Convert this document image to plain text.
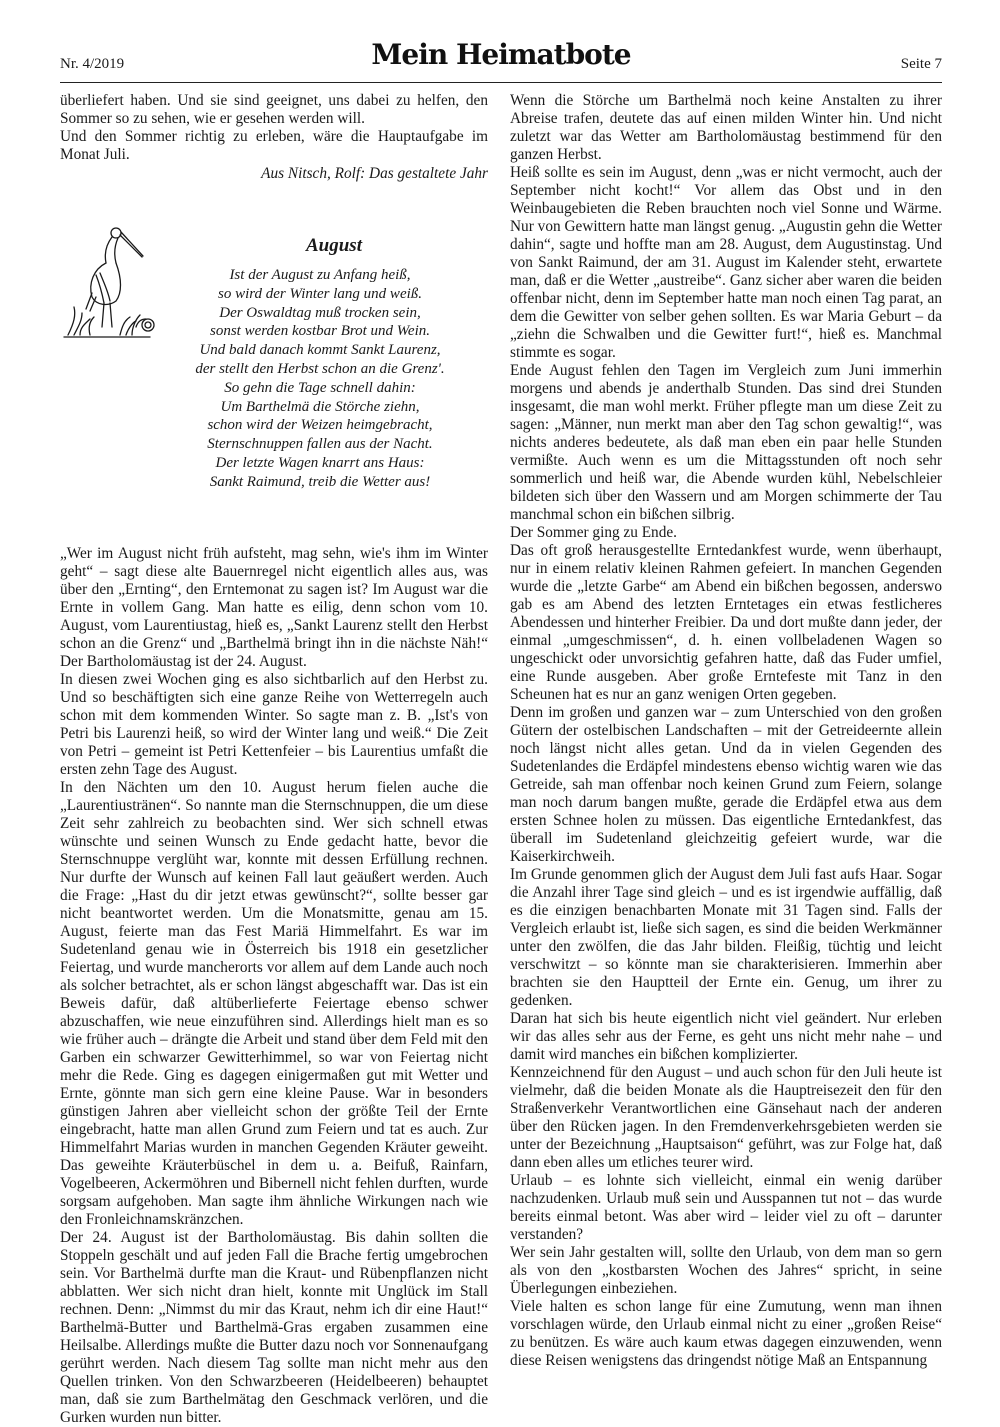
Nr. 4/2019	Mein Heimatbote	Seite 7

überliefert haben. Und sie sind geeignet, uns dabei zu helfen, den Sommer so zu sehen, wie er gesehen werden will.

Und den Sommer richtig zu erleben, wäre die Hauptaufgabe im Monat Juli.

Aus Nitsch, Rolf: Das gestaltete Jahr

August
Ist der August zu Anfang heiß,
so wird der Winter lang und weiß.
Der Oswaldtag muß trocken sein,
sonst werden kostbar Brot und Wein.
Und bald danach kommt Sankt Laurenz,
der stellt den Herbst schon an die Grenz'.
So gehn die Tage schnell dahin:
Um Barthelmä die Störche ziehn,
schon wird der Weizen heimgebracht,
Sternschnuppen fallen aus der Nacht.
Der letzte Wagen knarrt ans Haus:
Sankt Raimund, treib die Wetter aus!

„Wer im August nicht früh aufsteht, mag sehn, wie's ihm im Winter geht“ – sagt diese alte Bauernregel nicht eigentlich alles aus, was über den „Ernting“, den Erntemonat zu sagen ist? Im August war die Ernte in vollem Gang. Man hatte es eilig, denn schon vom 10. August, vom Laurentiustag, hieß es, „Sankt Laurenz stellt den Herbst schon an die Grenz“ und „Barthelmä bringt ihn in die nächste Näh!“ Der Bartholomäustag ist der 24. August.

In diesen zwei Wochen ging es also sichtbarlich auf den Herbst zu. Und so beschäftigten sich eine ganze Reihe von Wetterregeln auch schon mit dem kommenden Winter. So sagte man z. B. „Ist's von Petri bis Laurenzi heiß, so wird der Winter lang und weiß.“ Die Zeit von Petri – gemeint ist Petri Kettenfeier – bis Laurentius umfaßt die ersten zehn Tage des August.

In den Nächten um den 10. August herum fielen auche die „Laurentiustränen“. So nannte man die Sternschnuppen, die um diese Zeit sehr zahlreich zu beobachten sind. Wer sich schnell etwas wünschte und seinen Wunsch zu Ende gedacht hatte, bevor die Sternschnuppe verglüht war, konnte mit dessen Erfüllung rechnen. Nur durfte der Wunsch auf keinen Fall laut geäußert werden. Auch die Frage: „Hast du dir jetzt etwas gewünscht?“, sollte besser gar nicht beantwortet werden. Um die Monatsmitte, genau am 15. August, feierte man das Fest Mariä Himmelfahrt. Es war im Sudetenland genau wie in Österreich bis 1918 ein gesetzlicher Feiertag, und wurde mancherorts vor allem auf dem Lande auch noch als solcher betrachtet, als er schon längst abgeschafft war. Das ist ein Beweis dafür, daß altüberlieferte Feiertage ebenso schwer abzuschaffen, wie neue einzuführen sind. Allerdings hielt man es so wie früher auch – drängte die Arbeit und stand über dem Feld mit den Garben ein schwarzer Gewitterhimmel, so war von Feiertag nicht mehr die Rede. Ging es dagegen einigermaßen gut mit Wetter und Ernte, gönnte man sich gern eine kleine Pause. War in besonders günstigen Jahren aber vielleicht schon der größte Teil der Ernte eingebracht, hatte man allen Grund zum Feiern und tat es auch. Zur Himmelfahrt Marias wurden in manchen Gegenden Kräuter geweiht. Das geweihte Kräuterbüschel in dem u. a. Beifuß, Rainfarn, Vogelbeeren, Ackermöhren und Bibernell nicht fehlen durften, wurde sorgsam aufgehoben. Man sagte ihm ähnliche Wirkungen nach wie den Fronleichnamskränzchen.

Der 24. August ist der Bartholomäustag. Bis dahin sollten die Stoppeln geschält und auf jeden Fall die Brache fertig umgebrochen sein. Vor Barthelmä durfte man die Kraut- und Rübenpflanzen nicht abblatten. Wer sich nicht dran hielt, konnte mit Unglück im Stall rechnen. Denn: „Nimmst du mir das Kraut, nehm ich dir eine Haut!“ Barthelmä-Butter und Barthelmä-Gras ergaben zusammen eine Heilsalbe. Allerdings mußte die Butter dazu noch vor Sonnenaufgang gerührt werden. Nach diesem Tag sollte man nicht mehr aus den Quellen trinken. Von den Schwarzbeeren (Heidelbeeren) behauptet man, daß sie zum Barthelmätag den Geschmack verlören, und die Gurken wurden nun bitter.

Wenn die Störche um Barthelmä noch keine Anstalten zu ihrer Abreise trafen, deutete das auf einen milden Winter hin. Und nicht zuletzt war das Wetter am Bartholomäustag bestimmend für den ganzen Herbst.

Heiß sollte es sein im August, denn „was er nicht vermocht, auch der September nicht kocht!“ Vor allem das Obst und in den Weinbaugebieten die Reben brauchten noch viel Sonne und Wärme. Nur von Gewittern hatte man längst genug. „Augustin gehn die Wetter dahin“, sagte und hoffte man am 28. August, dem Augustinstag. Und von Sankt Raimund, der am 31. August im Kalender steht, erwartete man, daß er die Wetter „austreibe“. Ganz sicher aber waren die beiden offenbar nicht, denn im September hatte man noch einen Tag parat, an dem die Gewitter von selber gehen sollten. Es war Maria Geburt – da „ziehn die Schwalben und die Gewitter furt!“, hieß es. Manchmal stimmte es sogar.

Ende August fehlen den Tagen im Vergleich zum Juni immerhin morgens und abends je anderthalb Stunden. Das sind drei Stunden insgesamt, die man wohl merkt. Früher pflegte man um diese Zeit zu sagen: „Männer, nun merkt man aber den Tag schon gewaltig!“, was nichts anderes bedeutete, als daß man eben ein paar helle Stunden vermißte. Auch wenn es um die Mittagsstunden oft noch sehr sommerlich und heiß war, die Abende wurden kühl, Nebelschleier bildeten sich über den Wassern und am Morgen schimmerte der Tau manchmal schon ein bißchen silbrig.

Der Sommer ging zu Ende.

Das oft groß herausgestellte Erntedankfest wurde, wenn überhaupt, nur in einem relativ kleinen Rahmen gefeiert. In manchen Gegenden wurde die „letzte Garbe“ am Abend ein bißchen begossen, anderswo gab es am Abend des letzten Erntetages ein etwas festlicheres Abendessen und hinterher Freibier. Da und dort mußte dann jeder, der einmal „umgeschmissen“, d. h. einen vollbeladenen Wagen so ungeschickt oder unvorsichtig gefahren hatte, daß das Fuder umfiel, eine Runde ausgeben. Aber große Erntefeste mit Tanz in den Scheunen hat es nur an ganz wenigen Orten gegeben.

Denn im großen und ganzen war – zum Unterschied von den großen Gütern der ostelbischen Landschaften – mit der Getreideernte allein noch längst nicht alles getan. Und da in vielen Gegenden des Sudetenlandes die Erdäpfel mindestens ebenso wichtig waren wie das Getreide, sah man offenbar noch keinen Grund zum Feiern, solange man noch darum bangen mußte, gerade die Erdäpfel etwa aus dem ersten Schnee holen zu müssen. Das eigentliche Erntedankfest, das überall im Sudetenland gleichzeitig gefeiert wurde, war die Kaiserkirchweih.

Im Grunde genommen glich der August dem Juli fast aufs Haar. Sogar die Anzahl ihrer Tage sind gleich – und es ist irgendwie auffällig, daß es die einzigen benachbarten Monate mit 31 Tagen sind. Falls der Vergleich erlaubt ist, ließe sich sagen, es sind die beiden Werkmänner unter den zwölfen, die das Jahr bilden. Fleißig, tüchtig und leicht verschwitzt – so könnte man sie charakterisieren. Immerhin aber brachten sie den Hauptteil der Ernte ein. Genug, um ihrer zu gedenken.

Daran hat sich bis heute eigentlich nicht viel geändert. Nur erleben wir das alles sehr aus der Ferne, es geht uns nicht mehr nahe – und damit wird manches ein bißchen komplizierter.

Kennzeichnend für den August – und auch schon für den Juli heute ist vielmehr, daß die beiden Monate als die Hauptreisezeit den für den Straßenverkehr Verantwortlichen eine Gänsehaut nach der anderen über den Rücken jagen. In den Fremdenverkehrsgebieten werden sie unter der Bezeichnung „Hauptsaison“ geführt, was zur Folge hat, daß dann eben alles um etliches teurer wird.

Urlaub – es lohnte sich vielleicht, einmal ein wenig darüber nachzudenken. Urlaub muß sein und Ausspannen tut not – das wurde bereits einmal betont. Was aber wird – leider viel zu oft – darunter verstanden?

Wer sein Jahr gestalten will, sollte den Urlaub, von dem man so gern als von den „kostbarsten Wochen des Jahres“ spricht, in seine Überlegungen einbeziehen.

Viele halten es schon lange für eine Zumutung, wenn man ihnen vorschlagen würde, den Urlaub einmal nicht zu einer „großen Reise“ zu benützen. Es wäre auch kaum etwas dagegen einzuwenden, wenn diese Reisen wenigstens das dringendst nötige Maß an Entspannung
